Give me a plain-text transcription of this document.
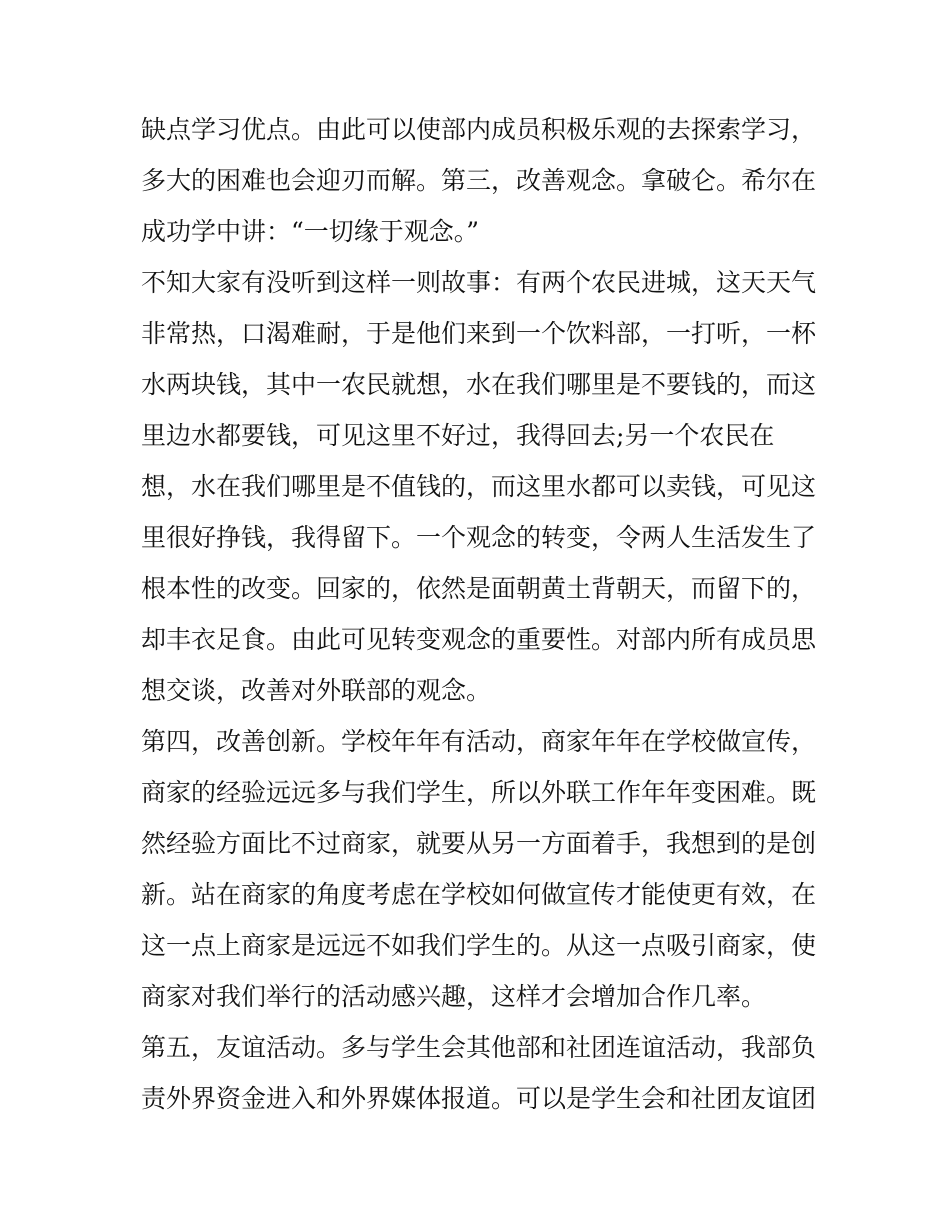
缺点学习优点。由此可以使部内成员积极乐观的去探索学习，
多大的困难也会迎刃而解。第三，改善观念。拿破仑。希尔在
成功学中讲：“一切缘于观念。”
不知大家有没听到这样一则故事：有两个农民进城，这天天气
非常热，口渴难耐，于是他们来到一个饮料部，一打听，一杯
水两块钱，其中一农民就想，水在我们哪里是不要钱的，而这
里边水都要钱，可见这里不好过，我得回去;另一个农民在
想，水在我们哪里是不值钱的，而这里水都可以卖钱，可见这
里很好挣钱，我得留下。一个观念的转变，令两人生活发生了
根本性的改变。回家的，依然是面朝黄土背朝天，而留下的，
却丰衣足食。由此可见转变观念的重要性。对部内所有成员思
想交谈，改善对外联部的观念。
第四，改善创新。学校年年有活动，商家年年在学校做宣传，
商家的经验远远多与我们学生，所以外联工作年年变困难。既
然经验方面比不过商家，就要从另一方面着手，我想到的是创
新。站在商家的角度考虑在学校如何做宣传才能使更有效，在
这一点上商家是远远不如我们学生的。从这一点吸引商家，使
商家对我们举行的活动感兴趣，这样才会增加合作几率。
第五，友谊活动。多与学生会其他部和社团连谊活动，我部负
责外界资金进入和外界媒体报道。可以是学生会和社团友谊团
